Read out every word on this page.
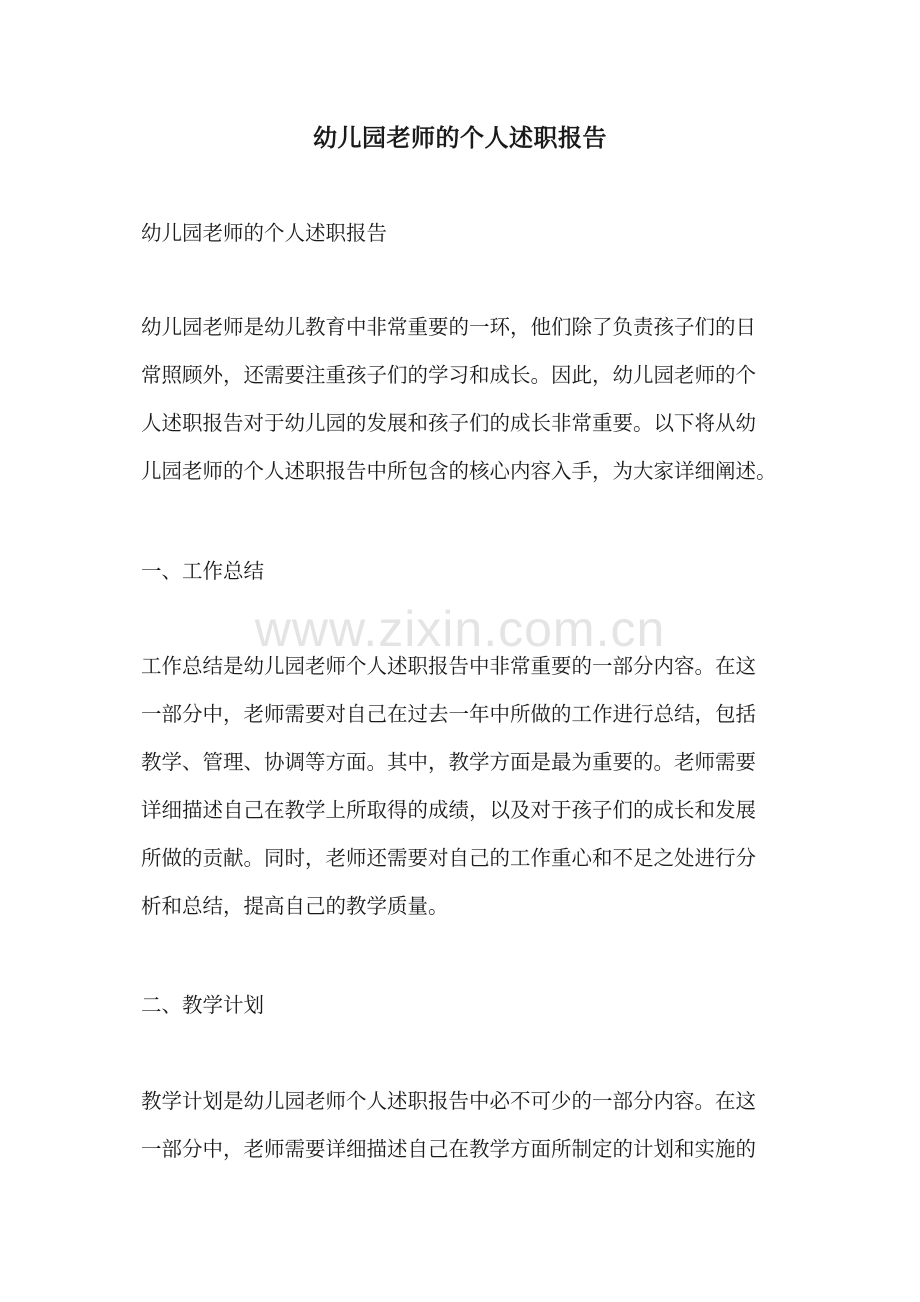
www.zixin.com.cn
幼儿园老师的个人述职报告
幼儿园老师的个人述职报告
幼儿园老师是幼儿教育中非常重要的一环，他们除了负责孩子们的日
常照顾外，还需要注重孩子们的学习和成长。因此，幼儿园老师的个
人述职报告对于幼儿园的发展和孩子们的成长非常重要。以下将从幼
儿园老师的个人述职报告中所包含的核心内容入手，为大家详细阐述。
一、工作总结
工作总结是幼儿园老师个人述职报告中非常重要的一部分内容。在这
一部分中，老师需要对自己在过去一年中所做的工作进行总结，包括
教学、管理、协调等方面。其中，教学方面是最为重要的。老师需要
详细描述自己在教学上所取得的成绩，以及对于孩子们的成长和发展
所做的贡献。同时，老师还需要对自己的工作重心和不足之处进行分
析和总结，提高自己的教学质量。
二、教学计划
教学计划是幼儿园老师个人述职报告中必不可少的一部分内容。在这
一部分中，老师需要详细描述自己在教学方面所制定的计划和实施的
